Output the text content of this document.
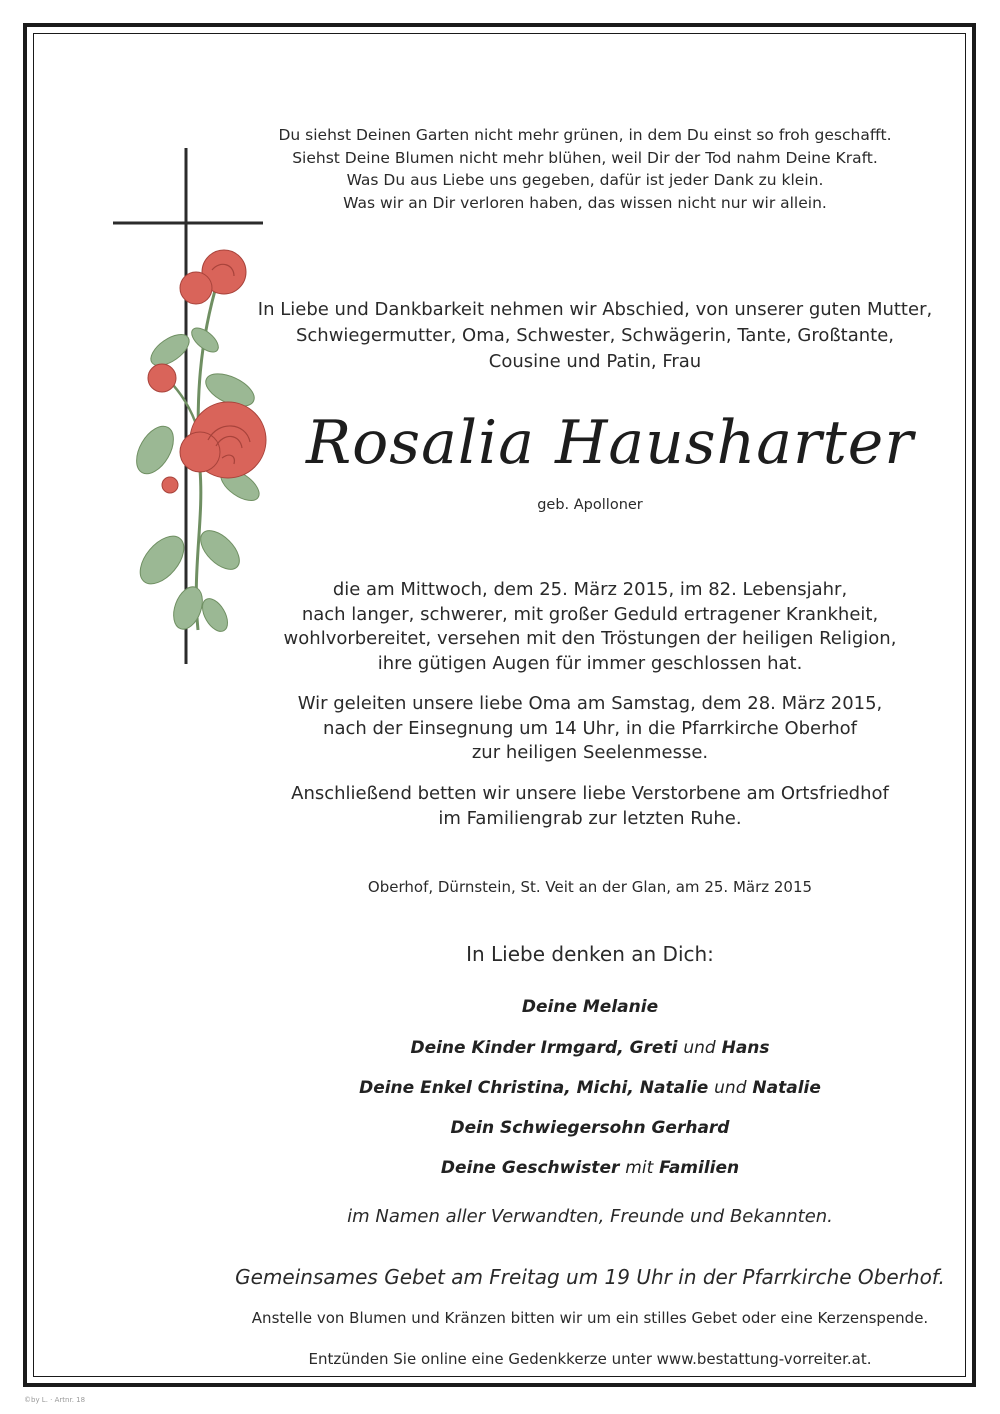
Du siehst Deinen Garten nicht mehr grünen, in dem Du einst so froh geschafft.
Siehst Deine Blumen nicht mehr blühen, weil Dir der Tod nahm Deine Kraft.
Was Du aus Liebe uns gegeben, dafür ist jeder Dank zu klein.
Was wir an Dir verloren haben, das wissen nicht nur wir allein.
In Liebe und Dankbarkeit nehmen wir Abschied, von unserer guten Mutter,
Schwiegermutter, Oma, Schwester, Schwägerin, Tante, Großtante,
Cousine und Patin, Frau
Rosalia Hausharter
geb. Apolloner
die am Mittwoch, dem 25. März 2015, im 82. Lebensjahr,
nach langer, schwerer, mit großer Geduld ertragener Krankheit,
wohlvorbereitet, versehen mit den Tröstungen der heiligen Religion,
ihre gütigen Augen für immer geschlossen hat.
Wir geleiten unsere liebe Oma am Samstag, dem 28. März 2015,
nach der Einsegnung um 14 Uhr, in die Pfarrkirche Oberhof
zur heiligen Seelenmesse.
Anschließend betten wir unsere liebe Verstorbene am Ortsfriedhof
im Familiengrab zur letzten Ruhe.
Oberhof, Dürnstein, St. Veit an der Glan, am 25. März 2015
In Liebe denken an Dich:
Deine Melanie
Deine Kinder Irmgard, Greti und Hans
Deine Enkel Christina, Michi, Natalie und Natalie
Dein Schwiegersohn Gerhard
Deine Geschwister mit Familien
im Namen aller Verwandten, Freunde und Bekannten.
Gemeinsames Gebet am Freitag um 19 Uhr in der Pfarrkirche Oberhof.
Anstelle von Blumen und Kränzen bitten wir um ein stilles Gebet oder eine Kerzenspende.
Entzünden Sie online eine Gedenkkerze unter www.bestattung-vorreiter.at.
©by L. · Artnr. 18
